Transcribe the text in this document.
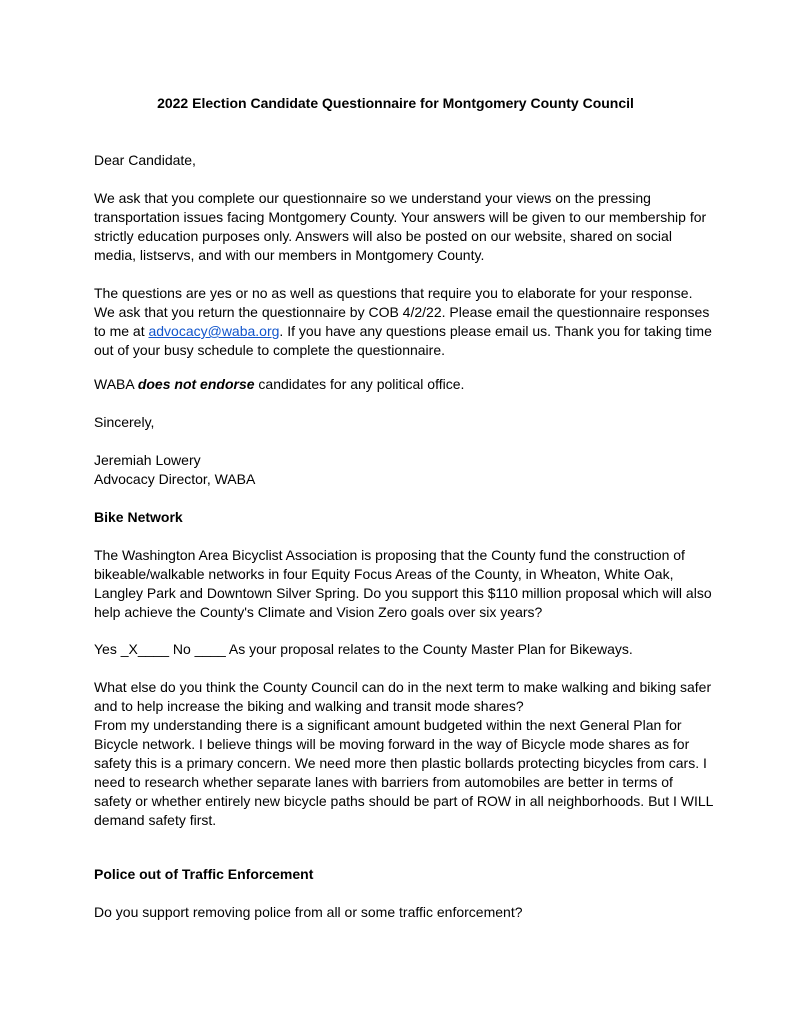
2022 Election Candidate Questionnaire for Montgomery County Council

Dear Candidate,

We ask that you complete our questionnaire so we understand your views on the pressing transportation issues facing Montgomery County. Your answers will be given to our membership for strictly education purposes only. Answers will also be posted on our website, shared on social media, listservs, and with our members in Montgomery County.

The questions are yes or no as well as questions that require you to elaborate for your response. We ask that you return the questionnaire by COB 4/2/22. Please email the questionnaire responses to me at advocacy@waba.org. If you have any questions please email us. Thank you for taking time out of your busy schedule to complete the questionnaire.

WABA does not endorse candidates for any political office.

Sincerely,

Jeremiah Lowery

Advocacy Director, WABA

Bike Network

The Washington Area Bicyclist Association is proposing that the County fund the construction of bikeable/walkable networks in four Equity Focus Areas of the County, in Wheaton, White Oak, Langley Park and Downtown Silver Spring. Do you support this $110 million proposal which will also help achieve the County's Climate and Vision Zero goals over six years?

Yes _X____ No ____ As your proposal relates to the County Master Plan for Bikeways.

What else do you think the County Council can do in the next term to make walking and biking safer and to help increase the biking and walking and transit mode shares?

From my understanding there is a significant amount budgeted within the next General Plan for Bicycle network. I believe things will be moving forward in the way of Bicycle mode shares as for safety this is a primary concern. We need more then plastic bollards protecting bicycles from cars. I need to research whether separate lanes with barriers from automobiles are better in terms of safety or whether entirely new bicycle paths should be part of ROW in all neighborhoods. But I WILL demand safety first.

Police out of Traffic Enforcement

Do you support removing police from all or some traffic enforcement?
